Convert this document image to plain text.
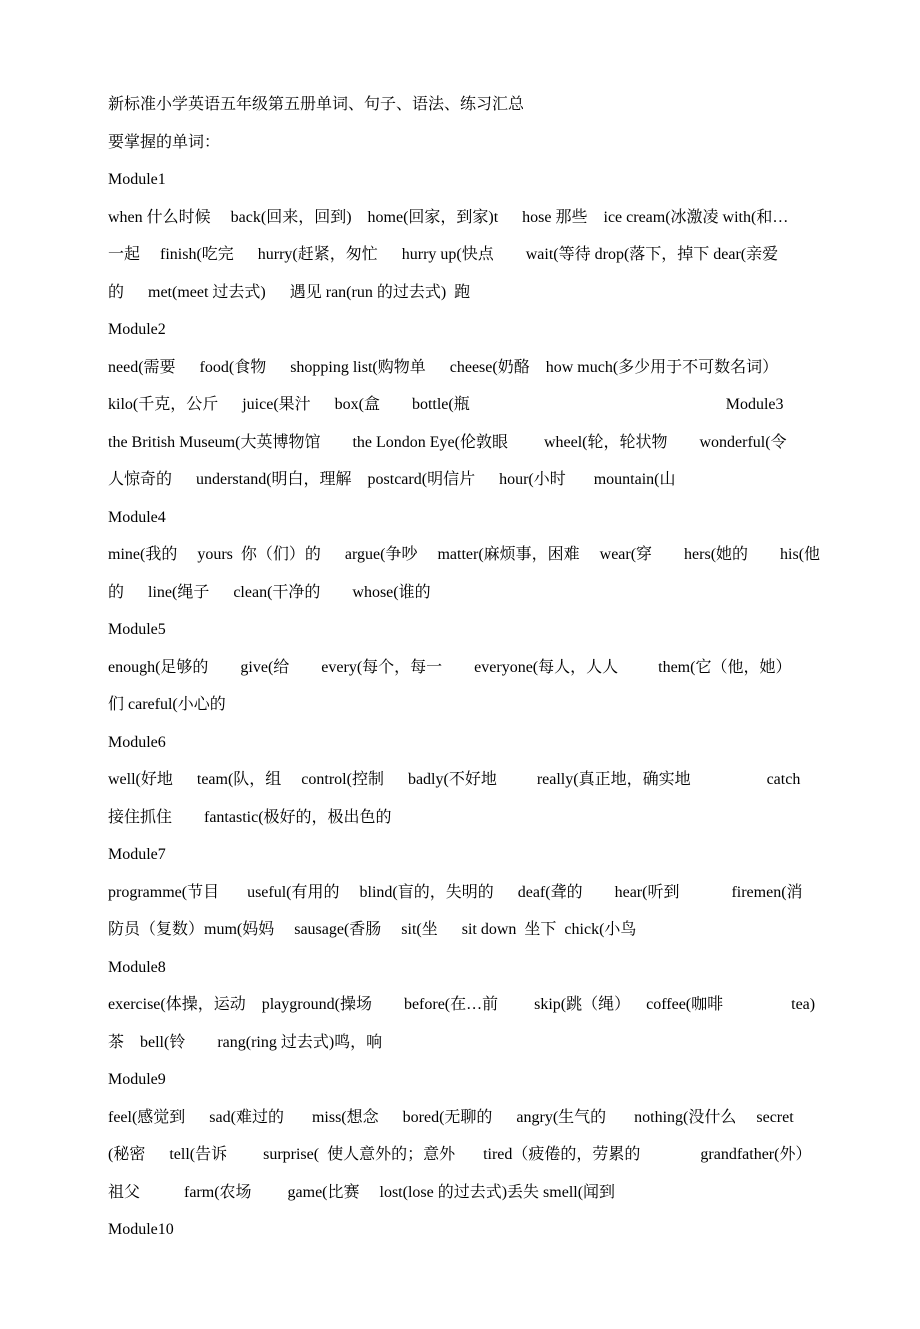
新标准小学英语五年级第五册单词、句子、语法、练习汇总
要掌握的单词：
Module1
when 什么时候     back(回来，回到)    home(回家，到家)t      hose 那些    ice cream(冰激凌 with(和…
一起     finish(吃完      hurry(赶紧，匆忙      hurry up(快点        wait(等待 drop(落下，掉下 dear(亲爱
的      met(meet 过去式)      遇见 ran(run 的过去式)  跑
Module2
need(需要      food(食物      shopping list(购物单      cheese(奶酪    how much(多少用于不可数名词）
kilo(千克，公斤      juice(果汁      box(盒        bottle(瓶                                                                Module3
the British Museum(大英博物馆        the London Eye(伦敦眼         wheel(轮，轮状物        wonderful(令
人惊奇的      understand(明白，理解    postcard(明信片      hour(小时       mountain(山
Module4
mine(我的     yours  你（们）的      argue(争吵     matter(麻烦事，困难     wear(穿        hers(她的        his(他
的      line(绳子      clean(干净的        whose(谁的
Module5
enough(足够的        give(给        every(每个，每一        everyone(每人，人人          them(它（他，她）
们 careful(小心的
Module6
well(好地      team(队，组     control(控制      badly(不好地          really(真正地，确实地                   catch
接住抓住        fantastic(极好的，极出色的
Module7
programme(节目       useful(有用的     blind(盲的，失明的      deaf(聋的        hear(听到             firemen(消
防员（复数）mum(妈妈     sausage(香肠     sit(坐      sit down  坐下  chick(小鸟
Module8
exercise(体操，运动    playground(操场        before(在…前         skip(跳（绳）    coffee(咖啡                 tea)
茶    bell(铃        rang(ring 过去式)鸣，响
Module9
feel(感觉到      sad(难过的       miss(想念      bored(无聊的      angry(生气的       nothing(没什么     secret
(秘密      tell(告诉         surprise(  使人意外的；意外       tired（疲倦的，劳累的               grandfather(外）
祖父           farm(农场         game(比赛     lost(lose 的过去式)丢失 smell(闻到
Module10
